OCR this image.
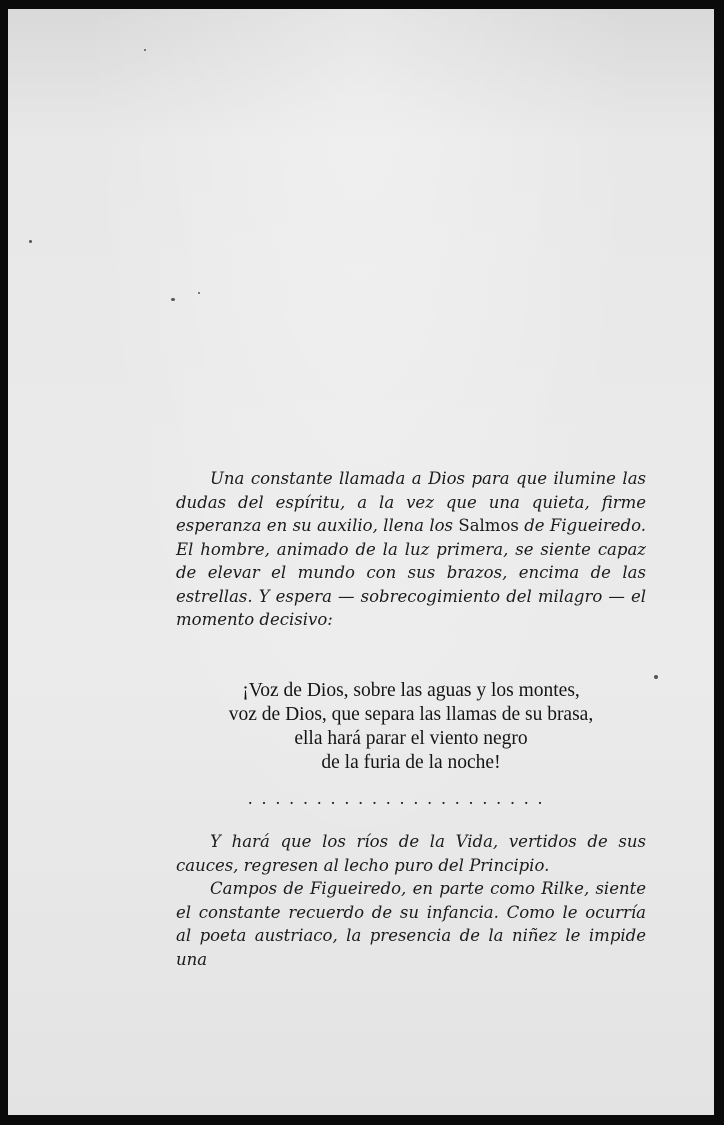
Una constante llamada a Dios para que ilumine las dudas del espíritu, a la vez que una quieta, firme esperanza en su auxilio, llena los Salmos de Figueiredo. El hombre, animado de la luz primera, se siente capaz de elevar el mundo con sus brazos, encima de las estrellas. Y espera — sobrecogimiento del milagro — el momento decisivo:

¡Voz de Dios, sobre las aguas y los montes,
voz de Dios, que separa las llamas de su brasa,
ella hará parar el viento negro
de la furia de la noche!
......................

Y hará que los ríos de la Vida, vertidos de sus cauces, regresen al lecho puro del Principio.

Campos de Figueiredo, en parte como Rilke, siente el constante recuerdo de su infancia. Como le ocurría al poeta austriaco, la presencia de la niñez le impide una
